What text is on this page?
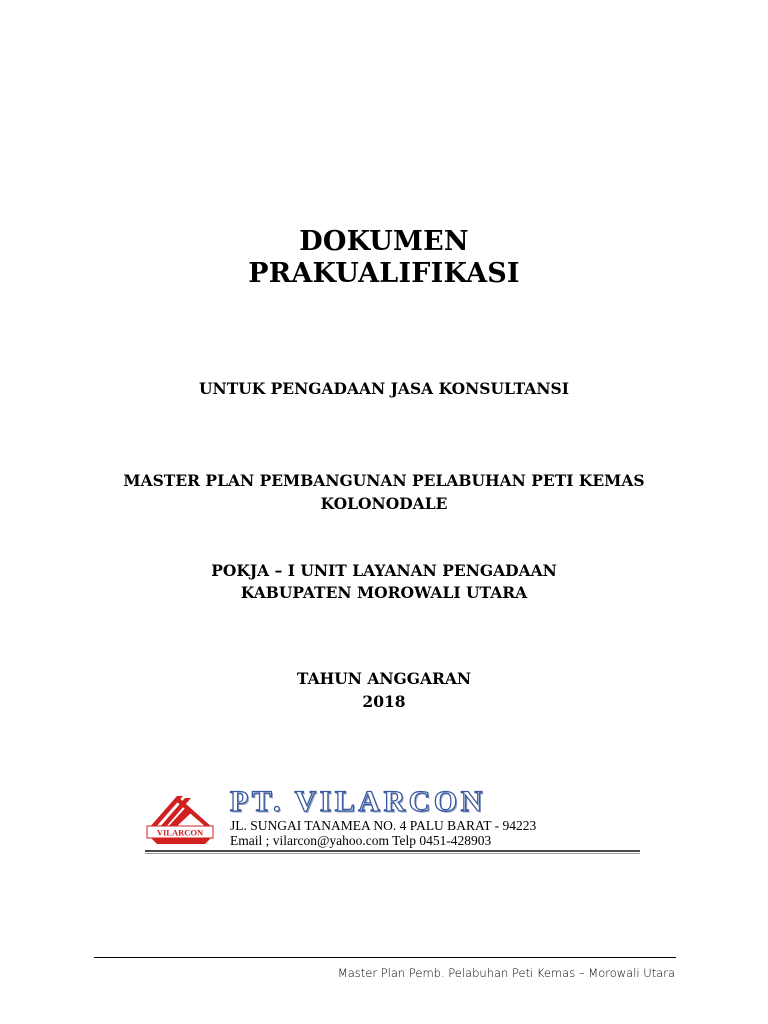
DOKUMEN
PRAKUALIFIKASI
UNTUK PENGADAAN JASA KONSULTANSI
MASTER PLAN PEMBANGUNAN PELABUHAN PETI KEMAS
KOLONODALE
POKJA – I UNIT LAYANAN PENGADAAN
KABUPATEN MOROWALI UTARA
TAHUN ANGGARAN
2018
VILARCON
PT. VILARCON
JL. SUNGAI TANAMEA NO. 4 PALU BARAT - 94223
Email ; vilarcon@yahoo.com Telp 0451-428903
Master Plan Pemb. Pelabuhan Peti Kemas – Morowali Utara
